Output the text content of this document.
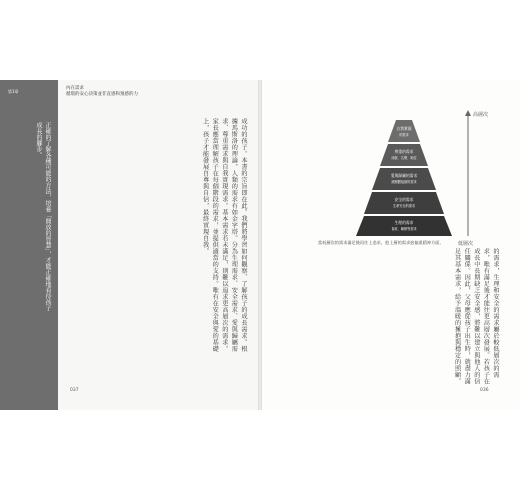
第1章
正確的了解各種可能的方法，培養「開放的智慧」，才能正確地看待孩子成長的腳步。
內在需求
循環的安心決策並非直感和預感的力
成功的孩子。本書的宗旨即在此。我們將學習如何觀察、了解孩子的成長需求。根據馬斯洛的理論，人類的需求有如金字塔。分為生理需求、安全需求、愛與歸屬需求、尊重需求與自我實現需求。基本需求若未滿足，則難以追求更高層次的需求。家長應當理解孩子在每個階段的需求，並提供適當的支持。唯有在安全與愛的基礎上，孩子才能發展自尊與自信，最終實現自我。
037	036
高層次
低層次
自我實現
的需求
尊重的需求
成就、名聲、地位
愛與歸屬的需求
被團體接納的需求
安全的需求
生命安全的需求
生理的需求
食欲、睡眠等需求
當低層次的需求滿足後再往上追求，愈上層的需求愈偏重精神方面。
的需求，生理和安全的需求屬於較低層次的需求，唯有滿足後才能往更高層次發展。若孩子在成長中長期缺乏安全感，將難以建立與他人的信任關係。因此，父母應從孩子出生時，就盡力滿足其基本需求，給予溫暖的擁抱與穩定的照顧。
